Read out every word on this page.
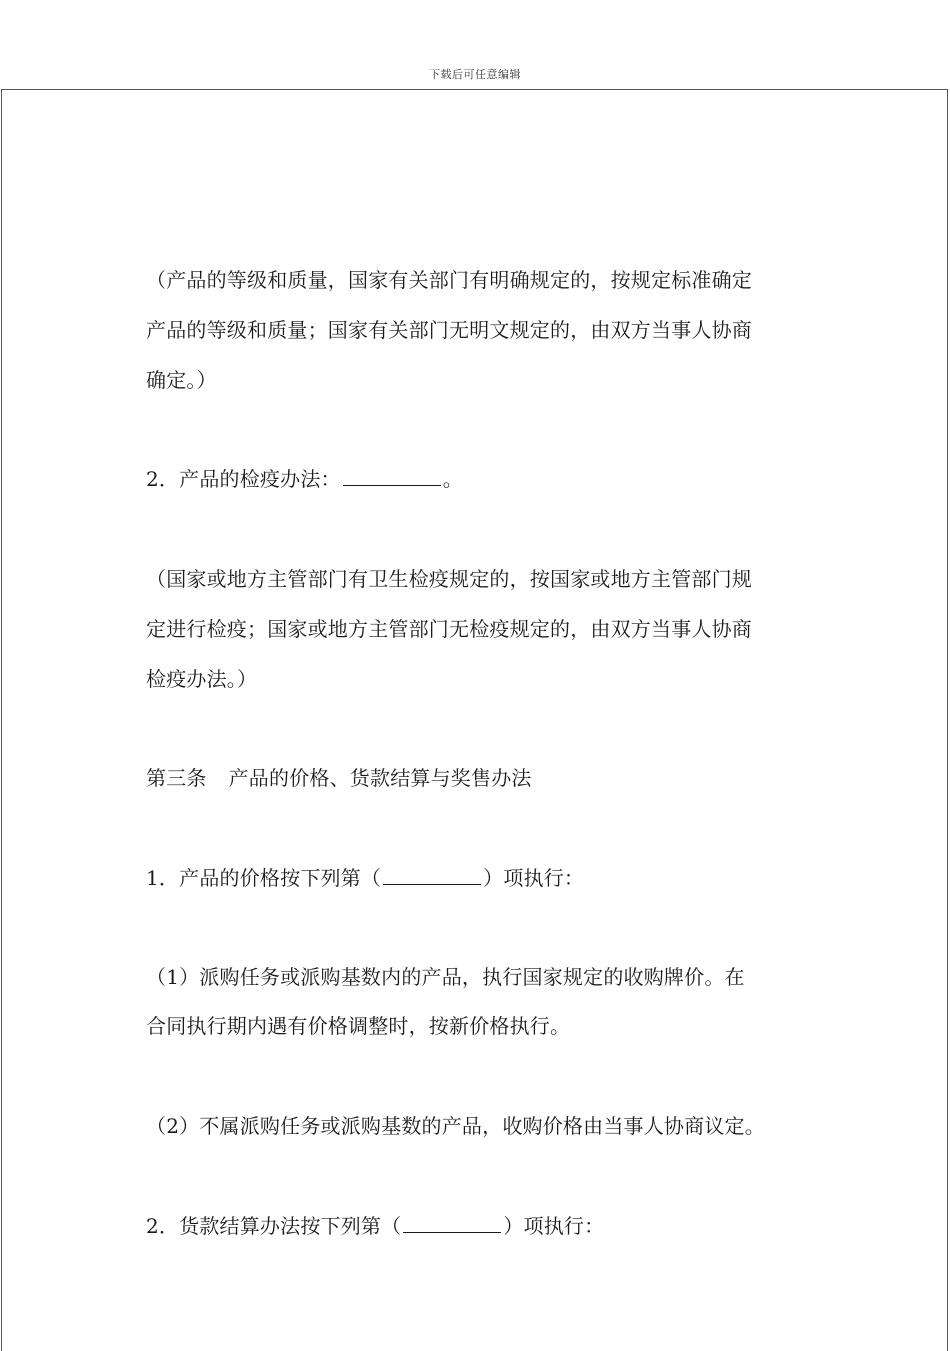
下载后可任意编辑
（产品的等级和质量，国家有关部门有明确规定的，按规定标准确定
产品的等级和质量；国家有关部门无明文规定的，由双方当事人协商
确定。）
2．产品的检疫办法：	。
（国家或地方主管部门有卫生检疫规定的，按国家或地方主管部门规
定进行检疫；国家或地方主管部门无检疫规定的，由双方当事人协商
检疫办法。）
第三条 产品的价格、货款结算与奖售办法
1．产品的价格按下列第（	）项执行：
（1）派购任务或派购基数内的产品，执行国家规定的收购牌价。在
合同执行期内遇有价格调整时，按新价格执行。
（2）不属派购任务或派购基数的产品，收购价格由当事人协商议定。
2．货款结算办法按下列第（	）项执行：
